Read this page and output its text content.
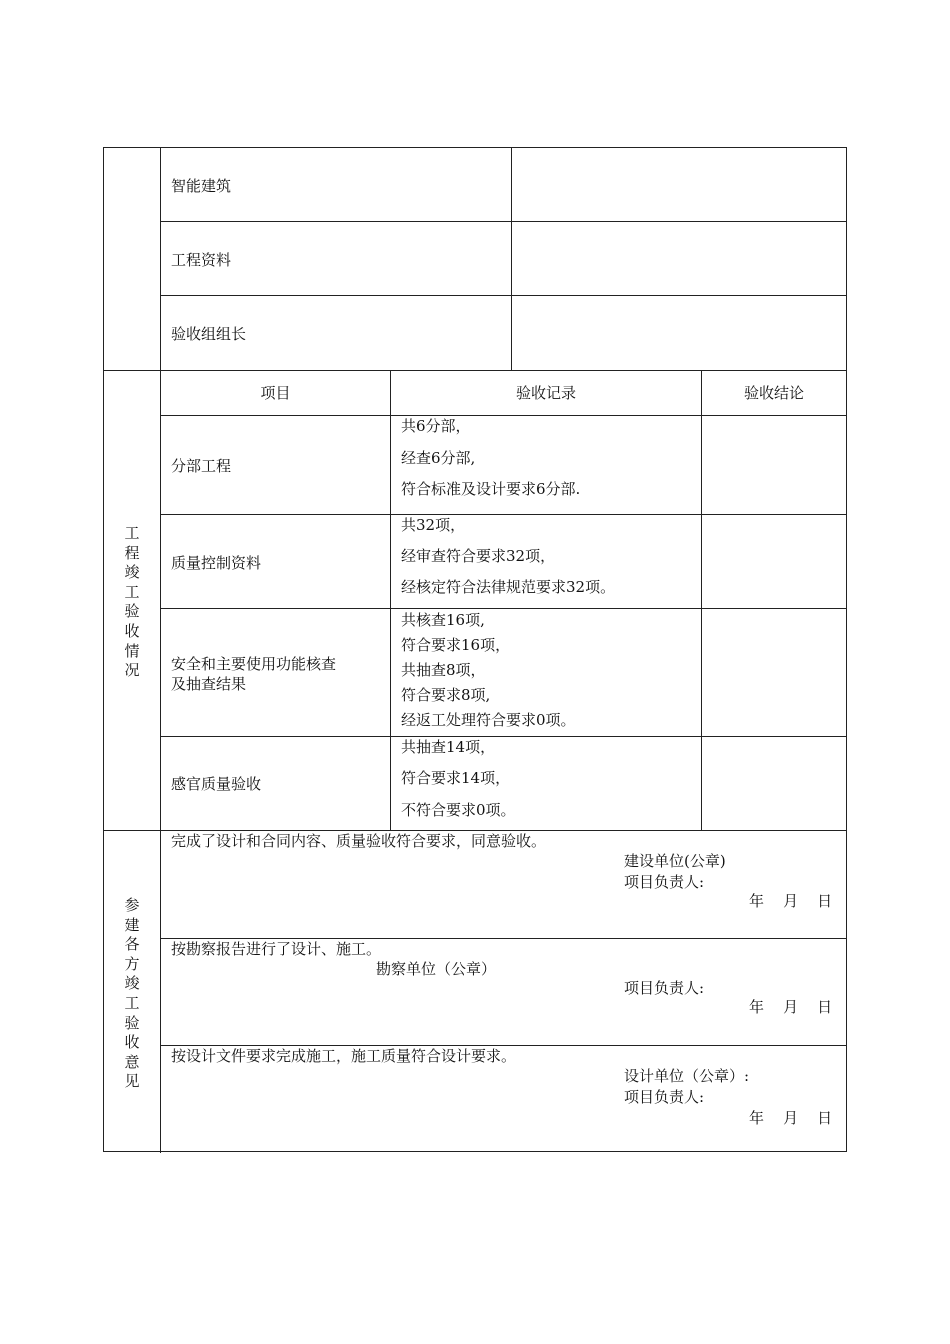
智能建筑
工程资料
验收组组长
工
程
竣
工
验
收
情
况
项目	验收记录	验收结论
分部工程
共6分部，
经查6分部,
符合标准及设计要求6分部.
质量控制资料
共32项，
经审查符合要求32项，
经核定符合法律规范要求32项。
安全和主要使用功能核查
及抽查结果
共核查16项,
符合要求16项，
共抽查8项，
符合要求8项,
经返工处理符合要求0项。
感官质量验收
共抽查14项，
符合要求14项，
不符合要求0项。
参
建
各
方
竣
工
验
收
意
见
完成了设计和合同内容、质量验收符合要求，同意验收。
建设单位(公章)
项目负责人:
年    月    日
按勘察报告进行了设计、施工。
勘察单位（公章）
项目负责人:
年    月    日
按设计文件要求完成施工，施工质量符合设计要求。
设计单位（公章）:
项目负责人:
年    月    日
